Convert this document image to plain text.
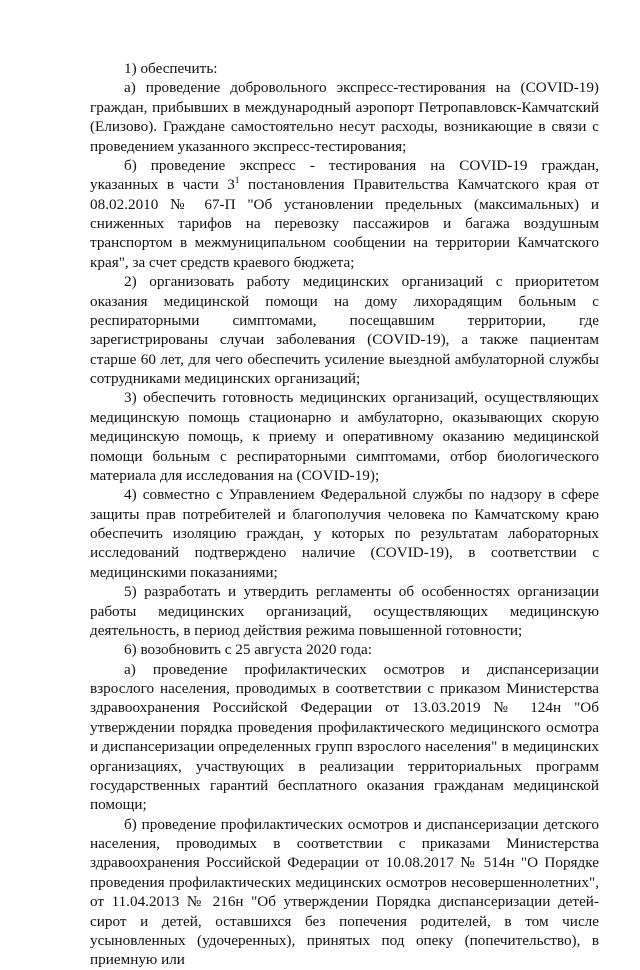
1) обеспечить:

а) проведение добровольного экспресс-тестирования на (COVID-19) граждан, прибывших в международный аэропорт Петропавловск-Камчатский (Елизово). Граждане самостоятельно несут расходы, возникающие в связи с проведением указанного экспресс-тестирования;

б) проведение экспресс - тестирования на COVID-19 граждан, указанных в части $3^1$ постановления Правительства Камчатского края от 08.02.2010 № 67-П "Об установлении предельных (максимальных) и сниженных тарифов на перевозку пассажиров и багажа воздушным транспортом в межмуниципальном сообщении на территории Камчатского края", за счет средств краевого бюджета;

2) организовать работу медицинских организаций с приоритетом оказания медицинской помощи на дому лихорадящим больным с респираторными симптомами, посещавшим территории, где зарегистрированы случаи заболевания (COVID-19), а также пациентам старше 60 лет, для чего обеспечить усиление выездной амбулаторной службы сотрудниками медицинских организаций;

3) обеспечить готовность медицинских организаций, осуществляющих медицинскую помощь стационарно и амбулаторно, оказывающих скорую медицинскую помощь, к приему и оперативному оказанию медицинской помощи больным с респираторными симптомами, отбор биологического материала для исследования на (COVID-19);

4) совместно с Управлением Федеральной службы по надзору в сфере защиты прав потребителей и благополучия человека по Камчатскому краю обеспечить изоляцию граждан, у которых по результатам лабораторных исследований подтверждено наличие (COVID-19), в соответствии с медицинскими показаниями;

5) разработать и утвердить регламенты об особенностях организации работы медицинских организаций, осуществляющих медицинскую деятельность, в период действия режима повышенной готовности;

6) возобновить с 25 августа 2020 года:

а) проведение профилактических осмотров и диспансеризации взрослого населения, проводимых в соответствии с приказом Министерства здравоохранения Российской Федерации от 13.03.2019 № 124н "Об утверждении порядка проведения профилактического медицинского осмотра и диспансеризации определенных групп взрослого населения" в медицинских организациях, участвующих в реализации территориальных программ государственных гарантий бесплатного оказания гражданам медицинской помощи;

б) проведение профилактических осмотров и диспансеризации детского населения, проводимых в соответствии с приказами Министерства здравоохранения Российской Федерации от 10.08.2017 № 514н "О Порядке проведения профилактических медицинских осмотров несовершеннолетних", от 11.04.2013 № 216н "Об утверждении Порядка диспансеризации детей-сирот и детей, оставшихся без попечения родителей, в том числе усыновленных (удочеренных), принятых под опеку (попечительство), в приемную или
